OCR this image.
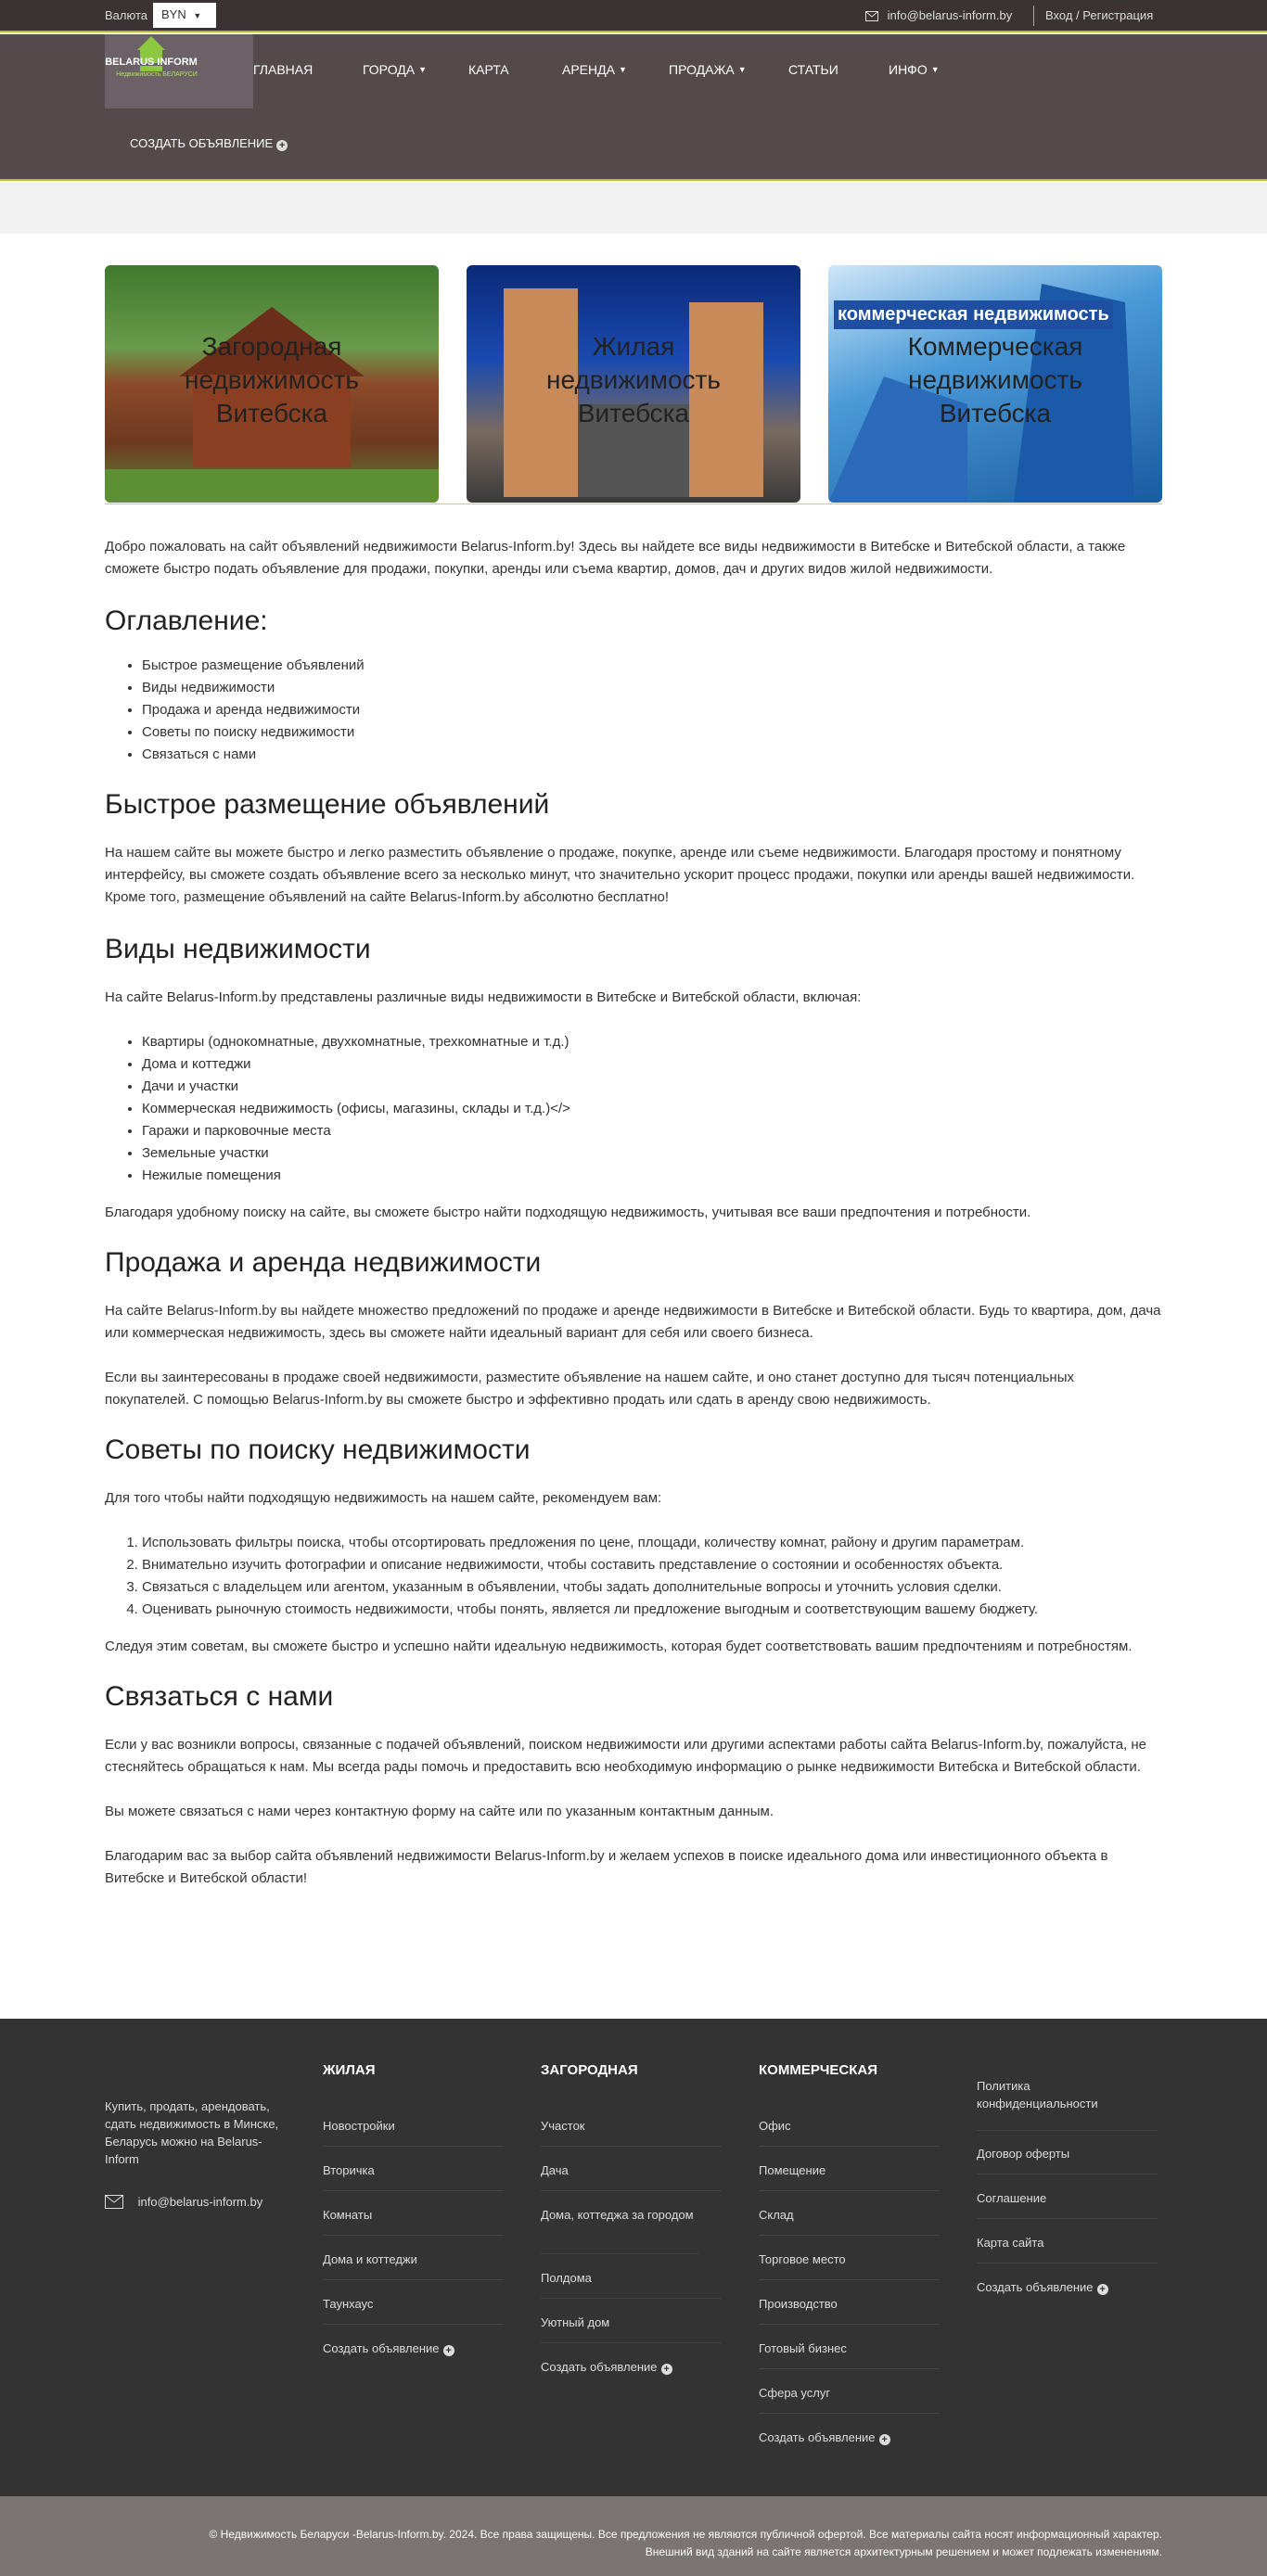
Валюта	BYN ▼	info@belarus-inform.by	Вход / Регистрация
BELARUS INFORM
Недвижимость БЕЛАРУСИ	ГЛАВНАЯ	ГОРОДА ▼	КАРТА	АРЕНДА ▼	ПРОДАЖА ▼	СТАТЬИ	ИНФО ▼
СОЗДАТЬ ОБЪЯВЛЕНИЕ +
Загородная недвижимость Витебска
Жилая недвижимость Витебска
коммерческая недвижимость
Коммерческая недвижимость Витебска

Добро пожаловать на сайт объявлений недвижимости Belarus-Inform.by! Здесь вы найдете все виды недвижимости в Витебске и Витебской области, а также сможете быстро подать объявление для продажи, покупки, аренды или съема квартир, домов, дач и других видов жилой недвижимости.

Оглавление:
• Быстрое размещение объявлений
• Виды недвижимости
• Продажа и аренда недвижимости
• Советы по поиску недвижимости
• Связаться с нами
Быстрое размещение объявлений

На нашем сайте вы можете быстро и легко разместить объявление о продаже, покупке, аренде или съеме недвижимости. Благодаря простому и понятному интерфейсу, вы сможете создать объявление всего за несколько минут, что значительно ускорит процесс продажи, покупки или аренды вашей недвижимости. Кроме того, размещение объявлений на сайте Belarus-Inform.by абсолютно бесплатно!

Виды недвижимости

На сайте Belarus-Inform.by представлены различные виды недвижимости в Витебске и Витебской области, включая:

• Квартиры (однокомнатные, двухкомнатные, трехкомнатные и т.д.)
• Дома и коттеджи
• Дачи и участки
• Коммерческая недвижимость (офисы, магазины, склады и т.д.)</>
• Гаражи и парковочные места
• Земельные участки
• Нежилые помещения

Благодаря удобному поиску на сайте, вы сможете быстро найти подходящую недвижимость, учитывая все ваши предпочтения и потребности.

Продажа и аренда недвижимости

На сайте Belarus-Inform.by вы найдете множество предложений по продаже и аренде недвижимости в Витебске и Витебской области. Будь то квартира, дом, дача или коммерческая недвижимость, здесь вы сможете найти идеальный вариант для себя или своего бизнеса.

Если вы заинтересованы в продаже своей недвижимости, разместите объявление на нашем сайте, и оно станет доступно для тысяч потенциальных покупателей. С помощью Belarus-Inform.by вы сможете быстро и эффективно продать или сдать в аренду свою недвижимость.

Советы по поиску недвижимости

Для того чтобы найти подходящую недвижимость на нашем сайте, рекомендуем вам:

1. Использовать фильтры поиска, чтобы отсортировать предложения по цене, площади, количеству комнат, району и другим параметрам.
2. Внимательно изучить фотографии и описание недвижимости, чтобы составить представление о состоянии и особенностях объекта.
3. Связаться с владельцем или агентом, указанным в объявлении, чтобы задать дополнительные вопросы и уточнить условия сделки.
4. Оценивать рыночную стоимость недвижимости, чтобы понять, является ли предложение выгодным и соответствующим вашему бюджету.

Следуя этим советам, вы сможете быстро и успешно найти идеальную недвижимость, которая будет соответствовать вашим предпочтениям и потребностям.

Связаться с нами

Если у вас возникли вопросы, связанные с подачей объявлений, поиском недвижимости или другими аспектами работы сайта Belarus-Inform.by, пожалуйста, не стесняйтесь обращаться к нам. Мы всегда рады помочь и предоставить всю необходимую информацию о рынке недвижимости Витебска и Витебской области.

Вы можете связаться с нами через контактную форму на сайте или по указанным контактным данным.

Благодарим вас за выбор сайта объявлений недвижимости Belarus-Inform.by и желаем успехов в поиске идеального дома или инвестиционного объекта в Витебске и Витебской области!

Купить, продать, арендовать, сдать недвижимость в Минске, Беларусь можно на Belarus-Inform
info@belarus-inform.by
ЖИЛАЯ
Новостройки
Вторичка
Комнаты
Дома и коттеджи
Таунхаус
Создать объявление +
ЗАГОРОДНАЯ
Участок
Дача
Дома, коттеджа за городом
Полдома
Уютный дом
Создать объявление +
КОММЕРЧЕСКАЯ
Офис
Помещение
Склад
Торговое место
Производство
Готовый бизнес
Сфера услуг
Создать объявление +
Политика конфиденциальности
Договор оферты
Соглашение
Карта сайта
Создать объявление +
© Недвижимость Беларуси -Belarus-Inform.by. 2024. Все права защищены. Все предложения не являются публичной офертой. Все материалы сайта носят информационный характер.
Внешний вид зданий на сайте является архитектурным решением и может подлежать изменениям.
